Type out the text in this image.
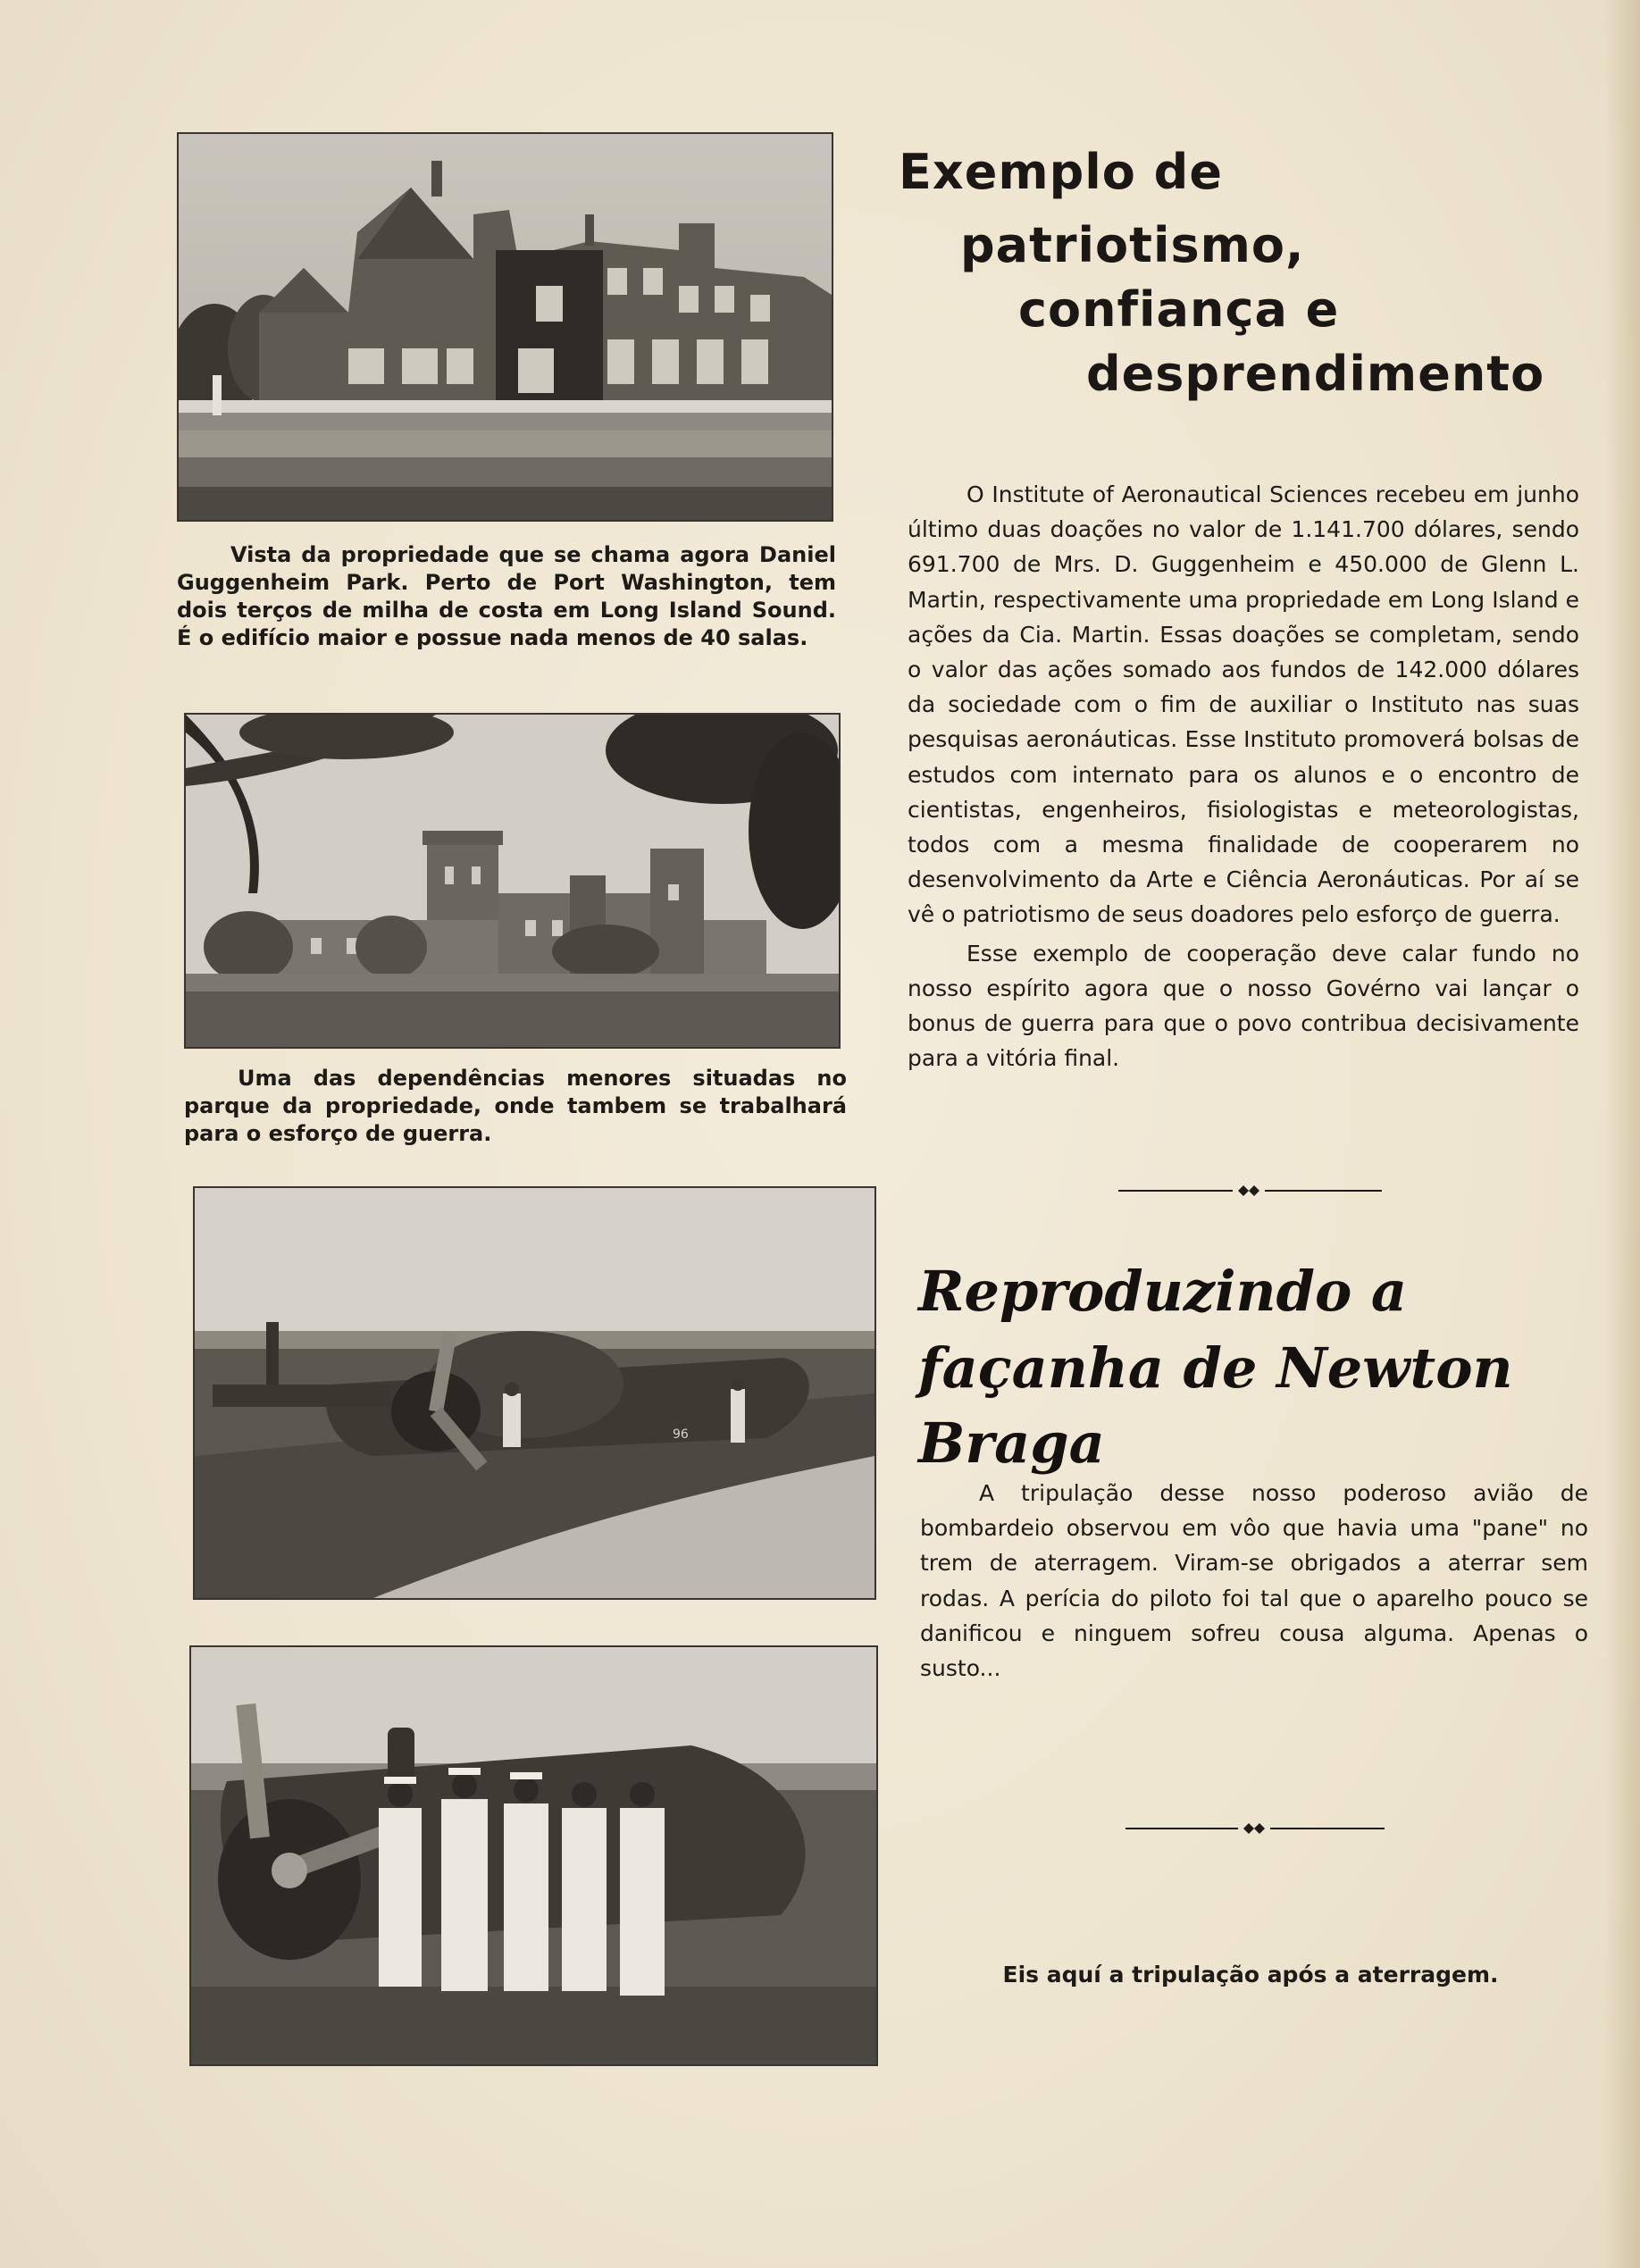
Vista da propriedade que se chama agora Daniel Guggenheim Park. Perto de Port Washington, tem dois terços de milha de costa em Long Island Sound. É o edifício maior e possue nada menos de 40 salas.
Uma das dependências menores situadas no parque da propriedade, onde tambem se trabalhará para o esforço de guerra.
96
Eis aquí a tripulação após a aterragem.
Exemplo de
patriotismo,
confiança e
desprendimento

O Institute of Aeronautical Sciences recebeu em junho último duas doações no valor de 1.141.700 dólares, sendo 691.700 de Mrs. D. Guggenheim e 450.000 de Glenn L. Martin, respectivamente uma propriedade em Long Island e ações da Cia. Martin. Essas doações se completam, sendo o valor das ações somado aos fundos de 142.000 dólares da sociedade com o fim de auxiliar o Instituto nas suas pesquisas aeronáuticas. Esse Instituto promoverá bolsas de estudos com internato para os alunos e o encontro de cientistas, engenheiros, fisiologistas e meteorologistas, todos com a mesma finalidade de cooperarem no desenvolvimento da Arte e Ciência Aeronáuticas. Por aí se vê o patriotismo de seus doadores pelo esforço de guerra.

Esse exemplo de cooperação deve calar fundo no nosso espírito agora que o nosso Govérno vai lançar o bonus de guerra para que o povo contribua decisivamente para a vitória final.

Reproduzindo a
façanha de Newton Braga

A tripulação desse nosso poderoso avião de bombardeio observou em vôo que havia uma "pane" no trem de aterragem. Viram-se obrigados a aterrar sem rodas. A perícia do piloto foi tal que o aparelho pouco se danificou e ninguem sofreu cousa alguma. Apenas o susto...
